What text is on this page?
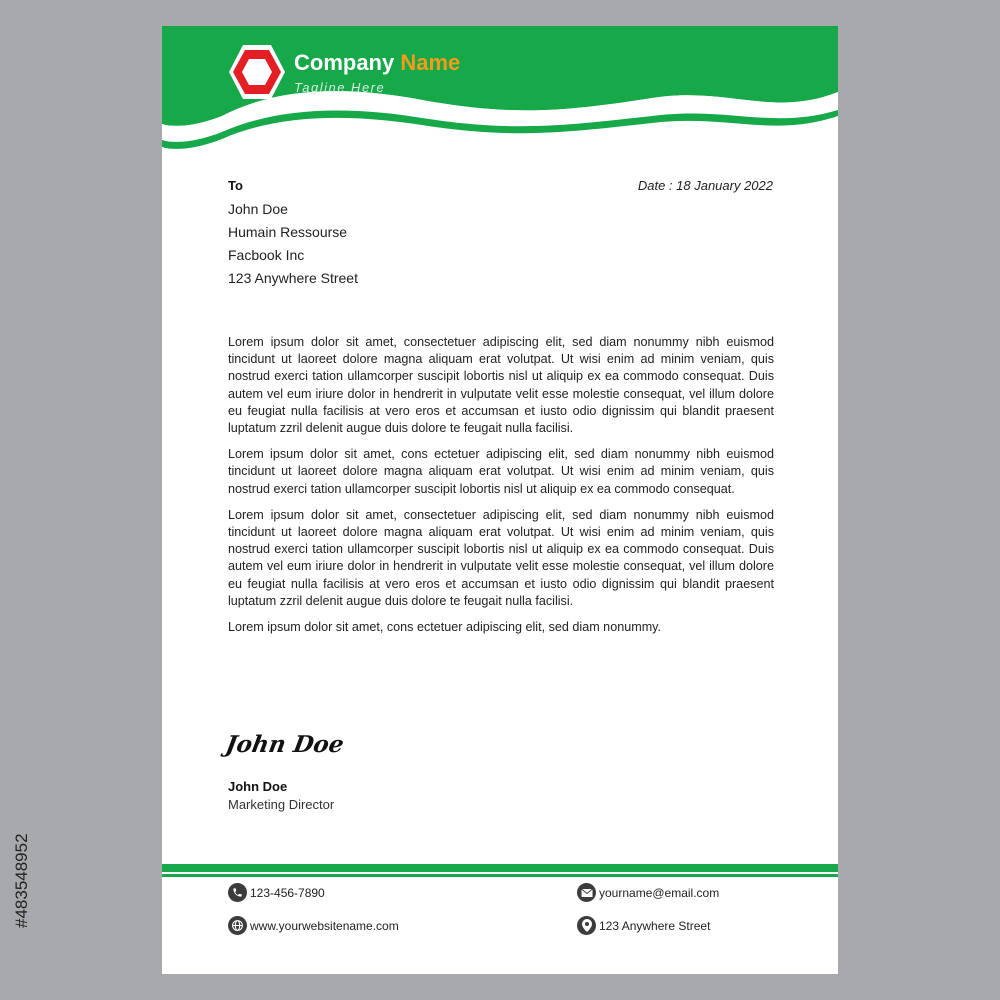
Company Name
Tagline Here
To	Date : 18 January 2022
John Doe
Humain Ressourse
Facbook Inc
123 Anywhere Street

Lorem ipsum dolor sit amet, consectetuer adipiscing elit, sed diam nonummy nibh euismod tincidunt ut laoreet dolore magna aliquam erat volutpat. Ut wisi enim ad minim veniam, quis nostrud exerci tation ullamcorper suscipit lobortis nisl ut aliquip ex ea commodo consequat. Duis autem vel eum iriure dolor in hendrerit in vulputate velit esse molestie consequat, vel illum dolore eu feugiat nulla facilisis at vero eros et accumsan et iusto odio dignissim qui blandit praesent luptatum zzril delenit augue duis dolore te feugait nulla facilisi.

Lorem ipsum dolor sit amet, cons ectetuer adipiscing elit, sed diam nonummy nibh euismod tincidunt ut laoreet dolore magna aliquam erat volutpat. Ut wisi enim ad minim veniam, quis nostrud exerci tation ullamcorper suscipit lobortis nisl ut aliquip ex ea commodo consequat.

Lorem ipsum dolor sit amet, consectetuer adipiscing elit, sed diam nonummy nibh euismod tincidunt ut laoreet dolore magna aliquam erat volutpat. Ut wisi enim ad minim veniam, quis nostrud exerci tation ullamcorper suscipit lobortis nisl ut aliquip ex ea commodo consequat. Duis autem vel eum iriure dolor in hendrerit in vulputate velit esse molestie consequat, vel illum dolore eu feugiat nulla facilisis at vero eros et accumsan et iusto odio dignissim qui blandit praesent luptatum zzril delenit augue duis dolore te feugait nulla facilisi.

Lorem ipsum dolor sit amet, cons ectetuer adipiscing elit, sed diam nonummy.

John Doe
John Doe
Marketing Director
123-456-7890
www.yourwebsitename.com
yourname@email.com
123 Anywhere Street
#483548952
